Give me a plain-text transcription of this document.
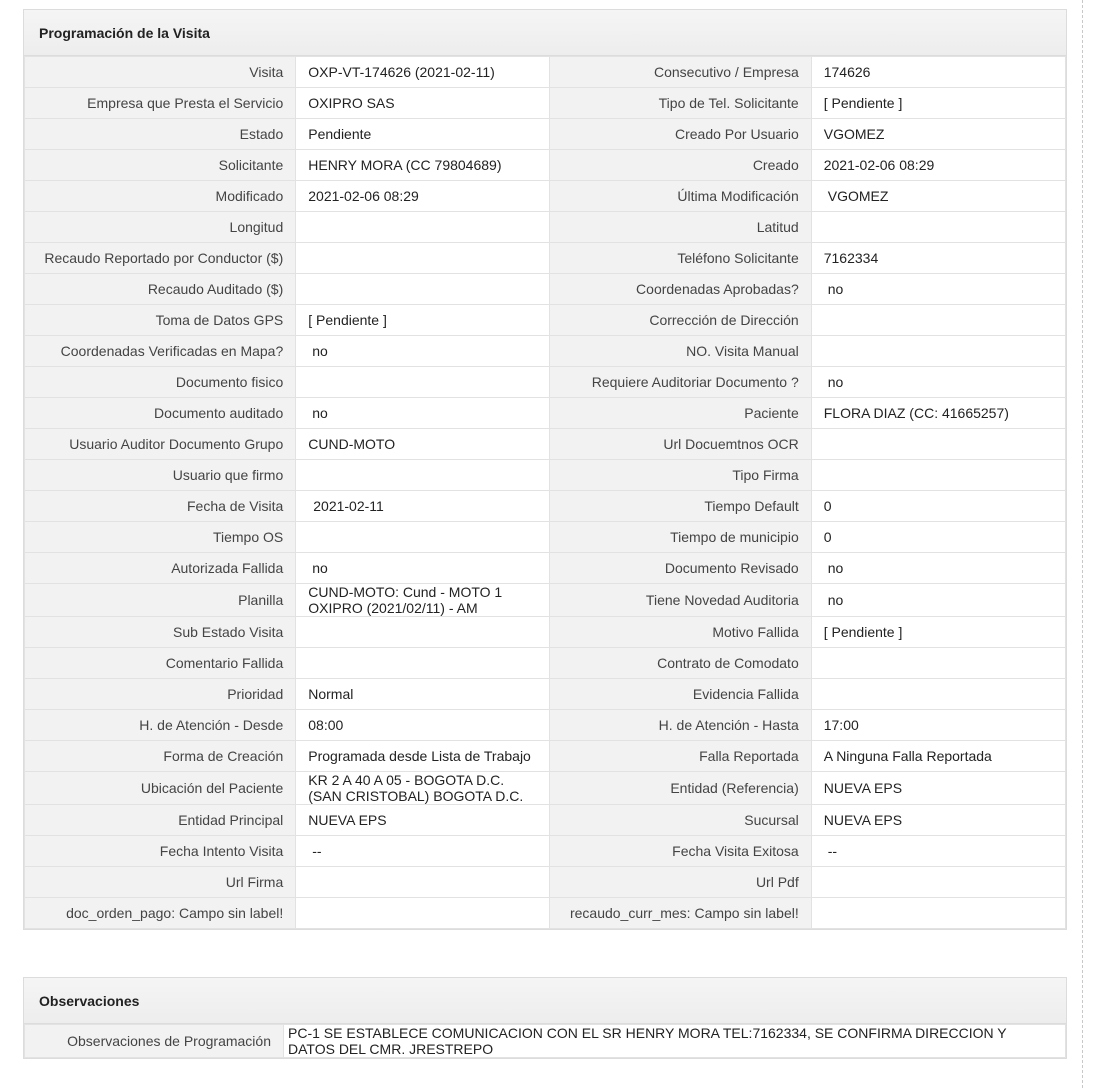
Programación de la Visita
Visita	OXP-VT-174626 (2021-02-11)	Consecutivo / Empresa	174626
Empresa que Presta el Servicio	OXIPRO SAS	Tipo de Tel. Solicitante	[ Pendiente ]
Estado	Pendiente	Creado Por Usuario	VGOMEZ
Solicitante	HENRY MORA (CC 79804689)	Creado	2021-02-06 08:29
Modificado	2021-02-06 08:29	Última Modificación	VGOMEZ
Longitud		Latitud	
Recaudo Reportado por Conductor ($)		Teléfono Solicitante	7162334
Recaudo Auditado ($)		Coordenadas Aprobadas?	no
Toma de Datos GPS	[ Pendiente ]	Corrección de Dirección	
Coordenadas Verificadas en Mapa?	no	NO. Visita Manual	
Documento fisico		Requiere Auditoriar Documento ?	no
Documento auditado	no	Paciente	FLORA DIAZ (CC: 41665257)
Usuario Auditor Documento Grupo	CUND-MOTO	Url Docuemtnos OCR	
Usuario que firmo		Tipo Firma	
Fecha de Visita	2021-02-11	Tiempo Default	0
Tiempo OS		Tiempo de municipio	0
Autorizada Fallida	no	Documento Revisado	no
Planilla	CUND-MOTO: Cund - MOTO 1 OXIPRO (2021/02/11) - AM	Tiene Novedad Auditoria	no
Sub Estado Visita		Motivo Fallida	[ Pendiente ]
Comentario Fallida		Contrato de Comodato	
Prioridad	Normal	Evidencia Fallida	
H. de Atención - Desde	08:00	H. de Atención - Hasta	17:00
Forma de Creación	Programada desde Lista de Trabajo	Falla Reportada	A Ninguna Falla Reportada
Ubicación del Paciente	KR 2 A 40 A 05 - BOGOTA D.C. (SAN CRISTOBAL) BOGOTA D.C.	Entidad (Referencia)	NUEVA EPS
Entidad Principal	NUEVA EPS	Sucursal	NUEVA EPS
Fecha Intento Visita	--	Fecha Visita Exitosa	--
Url Firma		Url Pdf	
doc_orden_pago: Campo sin label!		recaudo_curr_mes: Campo sin label!	
Observaciones
Observaciones de Programación	PC-1 SE ESTABLECE COMUNICACION CON EL SR HENRY MORA TEL:7162334, SE CONFIRMA DIRECCION Y DATOS DEL CMR. JRESTREPO
